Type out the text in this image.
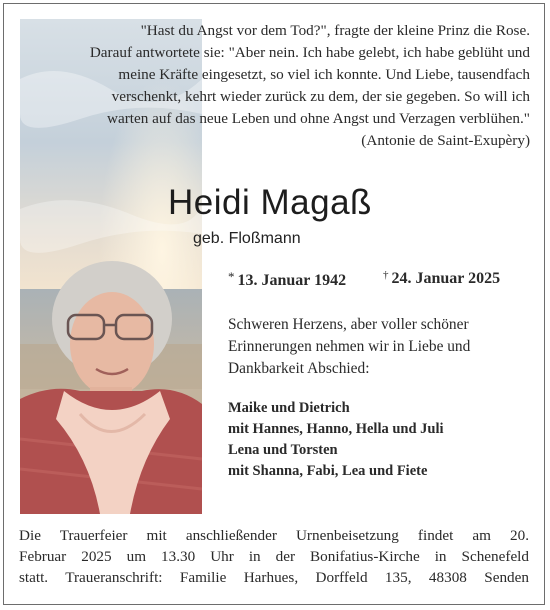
"Hast du Angst vor dem Tod?", fragte der kleine Prinz die Rose.
Darauf antwortete sie: "Aber nein. Ich habe gelebt, ich habe geblüht und
meine Kräfte eingesetzt, so viel ich konnte. Und Liebe, tausendfach
verschenkt, kehrt wieder zurück zu dem, der sie gegeben. So will ich
warten auf das neue Leben und ohne Angst und Verzagen verblühen."
(Antonie de Saint-Exupèry)
Heidi Magaß
geb. Floßmann
* 13. Januar 1942	† 24. Januar 2025
Schweren Herzens, aber voller schöner
Erinnerungen nehmen wir in Liebe und
Dankbarkeit Abschied:
Maike und Dietrich
mit Hannes, Hanno, Hella und Juli
Lena und Torsten
mit Shanna, Fabi, Lea und Fiete
Die Trauerfeier mit anschließender Urnenbeisetzung findet am 20.
Februar 2025 um 13.30 Uhr in der Bonifatius-Kirche in Schenefeld
statt. Traueranschrift: Familie Harhues, Dorffeld 135, 48308 Senden
